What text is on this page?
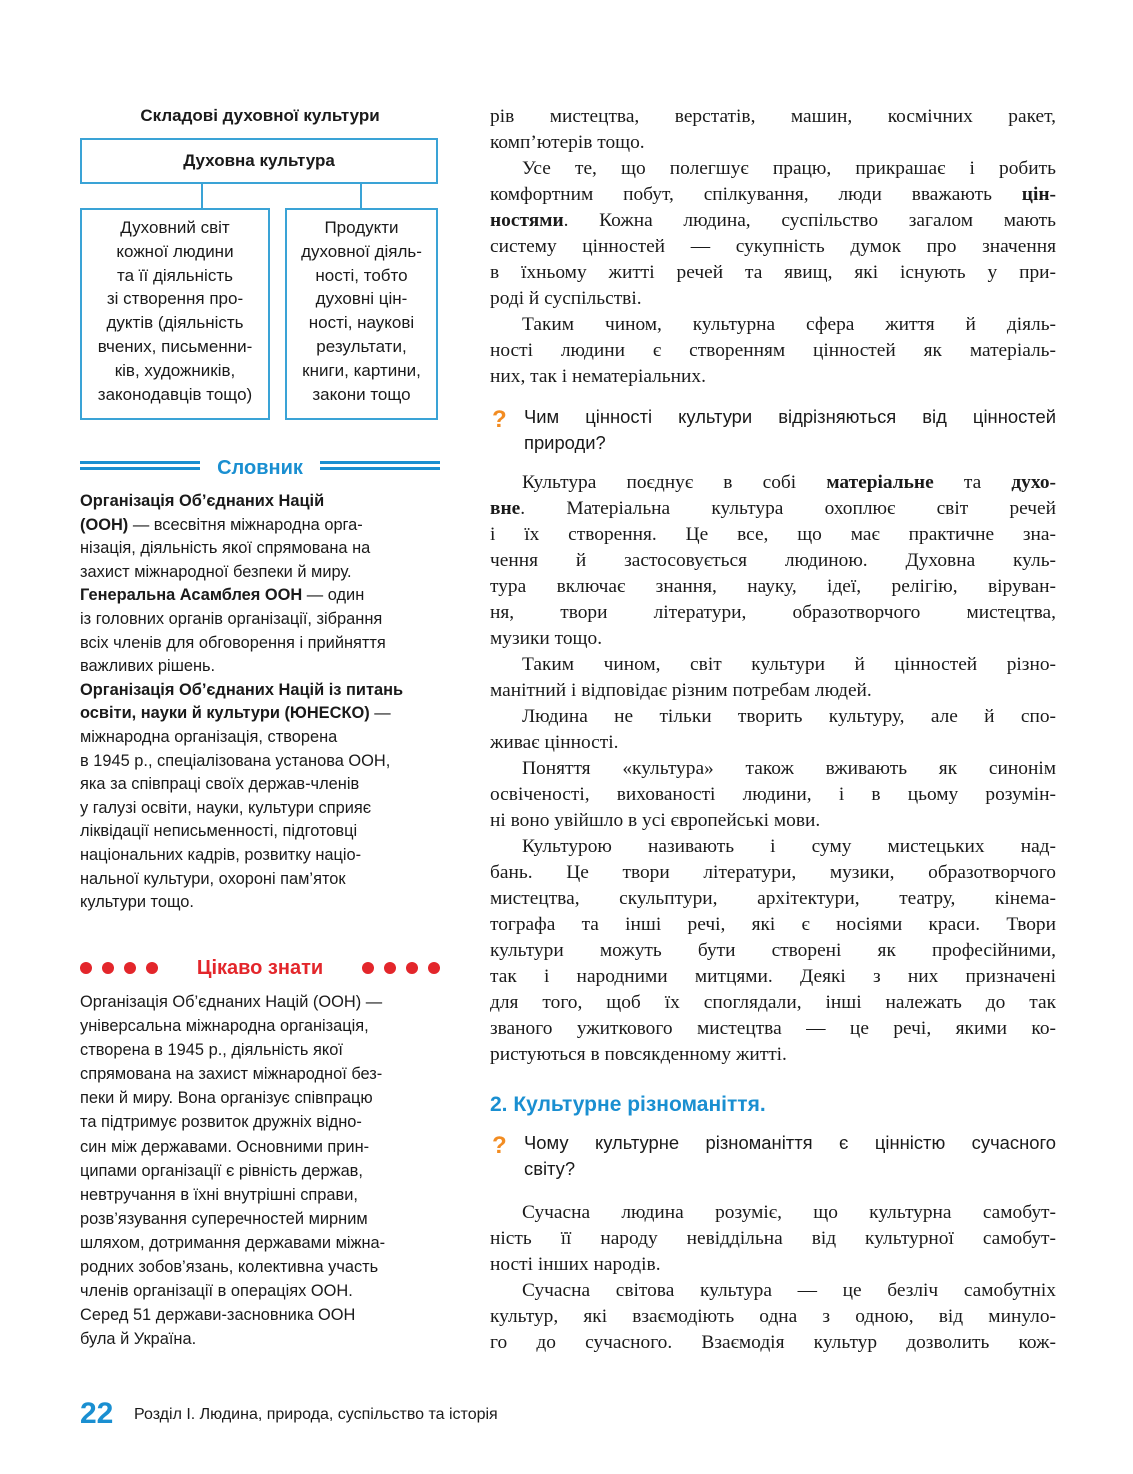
Складові духовної культури
Духовна культура
Духовний світ
кожної людини
та її діяльність
зі створення про-
дуктів (діяльність
вчених, письменни-
ків, художників,
законодавців тощо)
Продукти
духовної діяль-
ності, тобто
духовні цін-
ності, наукові
результати,
книги, картини,
закони тощо
Словник

Організація Об’єднаних Націй
(ООН) — всесвітня міжнародна орга-
нізація, діяльність якої спрямована на
захист міжнародної безпеки й миру.

Генеральна Асамблея ООН — один
із головних органів організації, зібрання
всіх членів для обговорення і прийняття
важливих рішень.

Організація Об’єднаних Націй із питань
освіти, науки й культури (ЮНЕСКО) —
міжнародна організація, створена
в 1945 р., спеціалізована установа ООН,
яка за співпраці своїх держав-членів
у галузі освіти, науки, культури сприяє
ліквідації неписьменності, підготовці
національних кадрів, розвитку націо-
нальної культури, охороні пам’яток
культури тощо.

Цікаво знати
Організація Об’єднаних Націй (ООН) —
універсальна міжнародна організація,
створена в 1945 р., діяльність якої
спрямована на захист міжнародної без-
пеки й миру. Вона організує співпрацю
та підтримує розвиток дружніх відно-
син між державами. Основними прин-
ципами організації є рівність держав,
невтручання в їхні внутрішні справи,
розв’язування суперечностей мирним
шляхом, дотримання державами міжна-
родних зобов’язань, колективна участь
членів організації в операціях ООН.
Серед 51 держави-засновника ООН
була й Україна.
рів мистецтва, верстатів, машин, космічних ракет,
комп’ютерів тощо.
Усе те, що полегшує працю, прикрашає і робить
комфортним побут, спілкування, люди вважають цін-
ностями. Кожна людина, суспільство загалом мають
систему цінностей — сукупність думок про значення
в їхньому житті речей та явищ, які існують у при-
роді й суспільстві.
Таким чином, культурна сфера життя й діяль-
ності людини є створенням цінностей як матеріаль-
них, так і нематеріальних.
? Чим цінності культури відрізняються від цінностей
природи?
Культура поєднує в собі матеріальне та духо-
вне. Матеріальна культура охоплює світ речей
і їх створення. Це все, що має практичне зна-
чення й застосовується людиною. Духовна куль-
тура включає знання, науку, ідеї, релігію, віруван-
ня, твори літератури, образотворчого мистецтва,
музики тощо.
Таким чином, світ культури й цінностей різно-
манітний і відповідає різним потребам людей.
Людина не тільки творить культуру, але й спо-
живає цінності.
Поняття «культура» також вживають як синонім
освіченості, вихованості людини, і в цьому розумін-
ні воно увійшло в усі європейські мови.
Культурою називають і суму мистецьких над-
бань. Це твори літератури, музики, образотворчого
мистецтва, скульптури, архітектури, театру, кінема-
тографа та інші речі, які є носіями краси. Твори
культури можуть бути створені як професійними,
так і народними митцями. Деякі з них призначені
для того, щоб їх споглядали, інші належать до так
званого ужиткового мистецтва — це речі, якими ко-
ристуються в повсякденному житті.
2. Культурне різноманіття.
? Чому культурне різноманіття є цінністю сучасного
світу?
Сучасна людина розуміє, що культурна самобут-
ність її народу невіддільна від культурної самобут-
ності інших народів.
Сучасна світова культура — це безліч самобутніх
культур, які взаємодіють одна з одною, від минуло-
го до сучасного. Взаємодія культур дозволить кож-
22 Розділ І. Людина, природа, суспільство та історія
